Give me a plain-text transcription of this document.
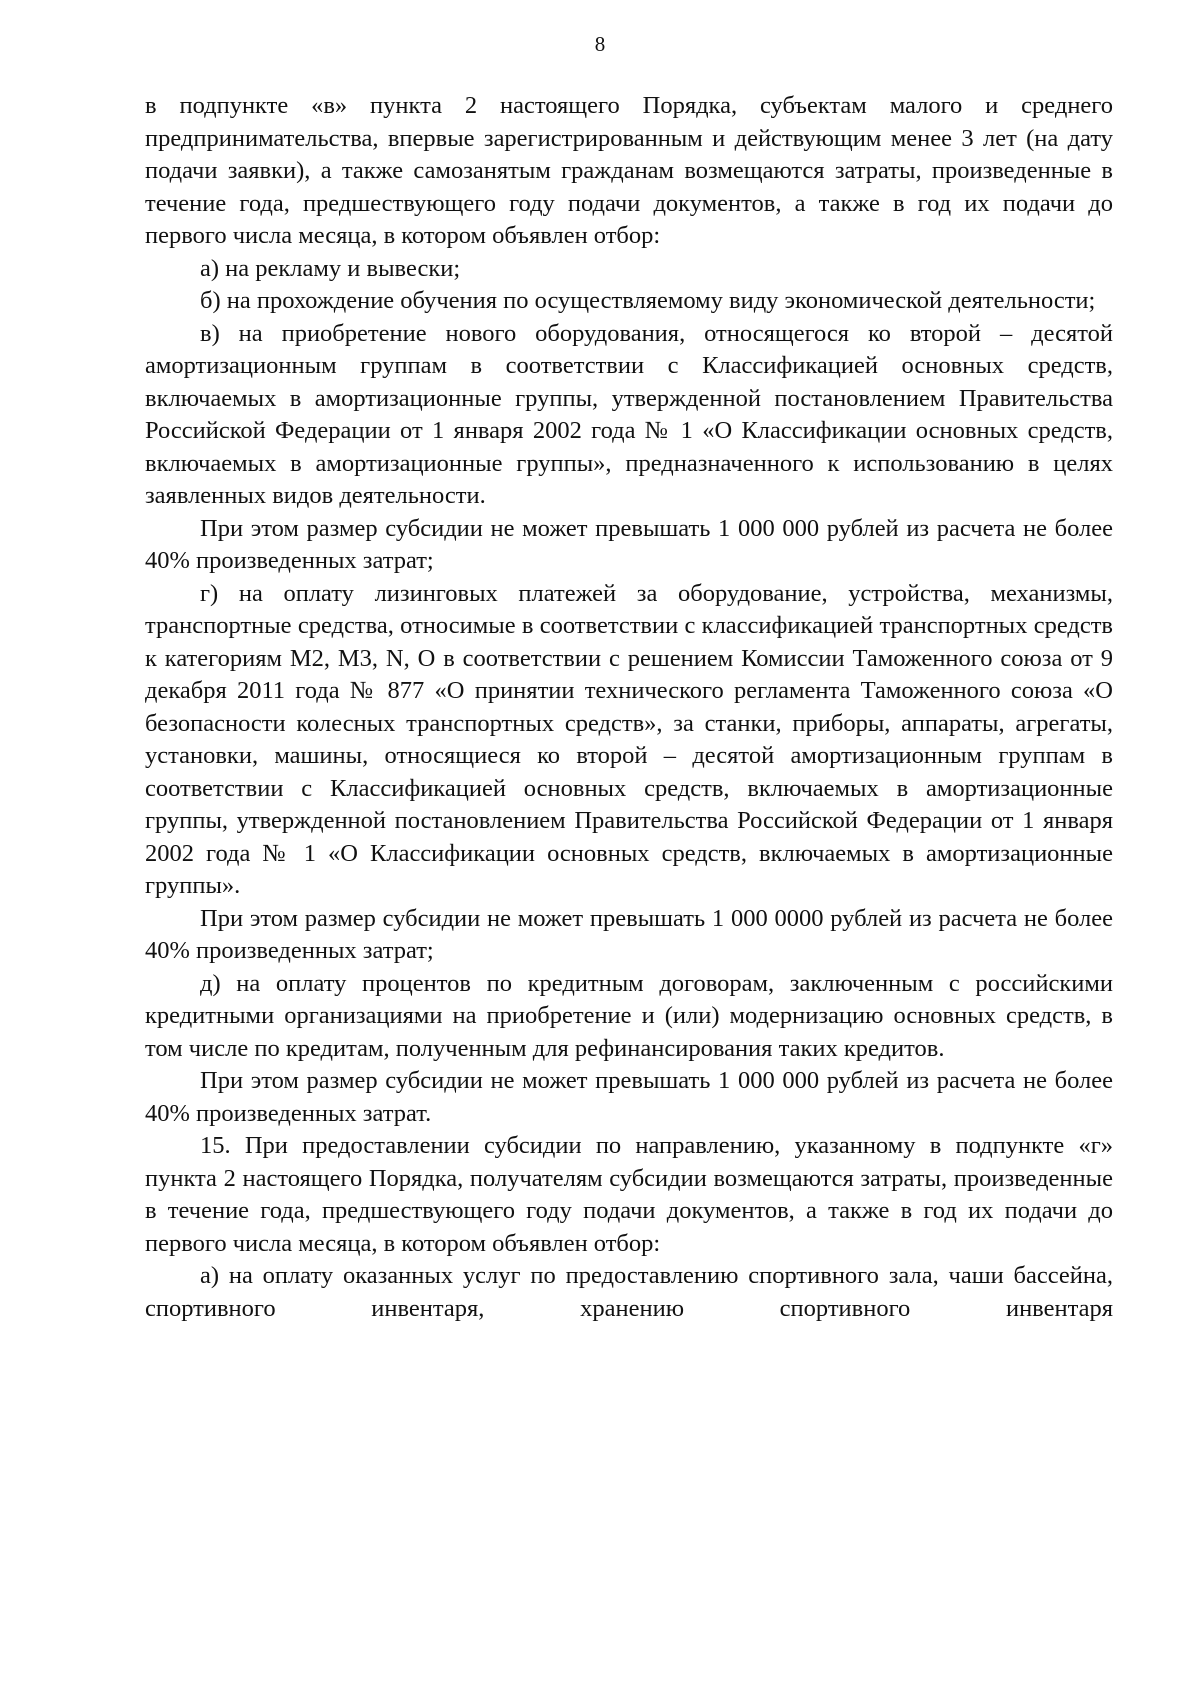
8

в подпункте «в» пункта 2 настоящего Порядка, субъектам малого и среднего предпринимательства, впервые зарегистрированным и действующим менее 3 лет (на дату подачи заявки), а также самозанятым гражданам возмещаются затраты, произведенные в течение года, предшествующего году подачи документов, а также в год их подачи до первого числа месяца, в котором объявлен отбор:

а) на рекламу и вывески;

б) на прохождение обучения по осуществляемому виду экономической деятельности;

в) на приобретение нового оборудования, относящегося ко второй – десятой амортизационным группам в соответствии с Классификацией основных средств, включаемых в амортизационные группы, утвержденной постановлением Правительства Российской Федерации от 1 января 2002 года № 1 «О Классификации основных средств, включаемых в амортизационные группы», предназначенного к использованию в целях заявленных видов деятельности.

При этом размер субсидии не может превышать 1 000 000 рублей из расчета не более 40% произведенных затрат;

г) на оплату лизинговых платежей за оборудование, устройства, механизмы, транспортные средства, относимые в соответствии с классификацией транспортных средств к категориям M2, M3, N, O в соответствии с решением Комиссии Таможенного союза от 9 декабря 2011 года № 877 «О принятии технического регламента Таможенного союза «О безопасности колесных транспортных средств», за станки, приборы, аппараты, агрегаты, установки, машины, относящиеся ко второй – десятой амортизационным группам в соответствии с Классификацией основных средств, включаемых в амортизационные группы, утвержденной постановлением Правительства Российской Федерации от 1 января 2002 года № 1 «О Классификации основных средств, включаемых в амортизационные группы».

При этом размер субсидии не может превышать 1 000 0000 рублей из расчета не более 40% произведенных затрат;

д) на оплату процентов по кредитным договорам, заключенным с российскими кредитными организациями на приобретение и (или) модернизацию основных средств, в том числе по кредитам, полученным для рефинансирования таких кредитов.

При этом размер субсидии не может превышать 1 000 000 рублей из расчета не более 40% произведенных затрат.

15. При предоставлении субсидии по направлению, указанному в подпункте «г» пункта 2 настоящего Порядка, получателям субсидии возмещаются затраты, произведенные в течение года, предшествующего году подачи документов, а также в год их подачи до первого числа месяца, в котором объявлен отбор:

а) на оплату оказанных услуг по предоставлению спортивного зала, чаши бассейна, спортивного инвентаря, хранению спортивного инвентаря
